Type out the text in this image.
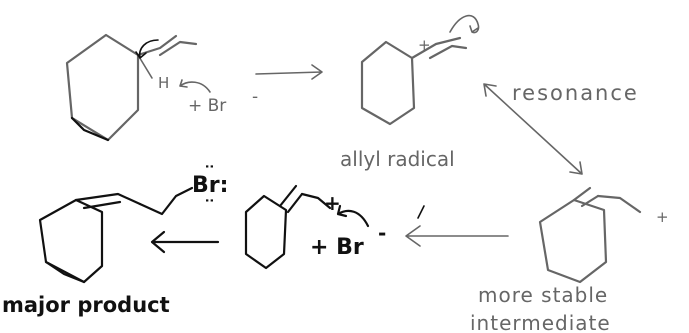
H
+ Br -
+
allyl radical
resonance
+
more stable
intermediate
+
+ Br
-
Br:
:
:
major product
